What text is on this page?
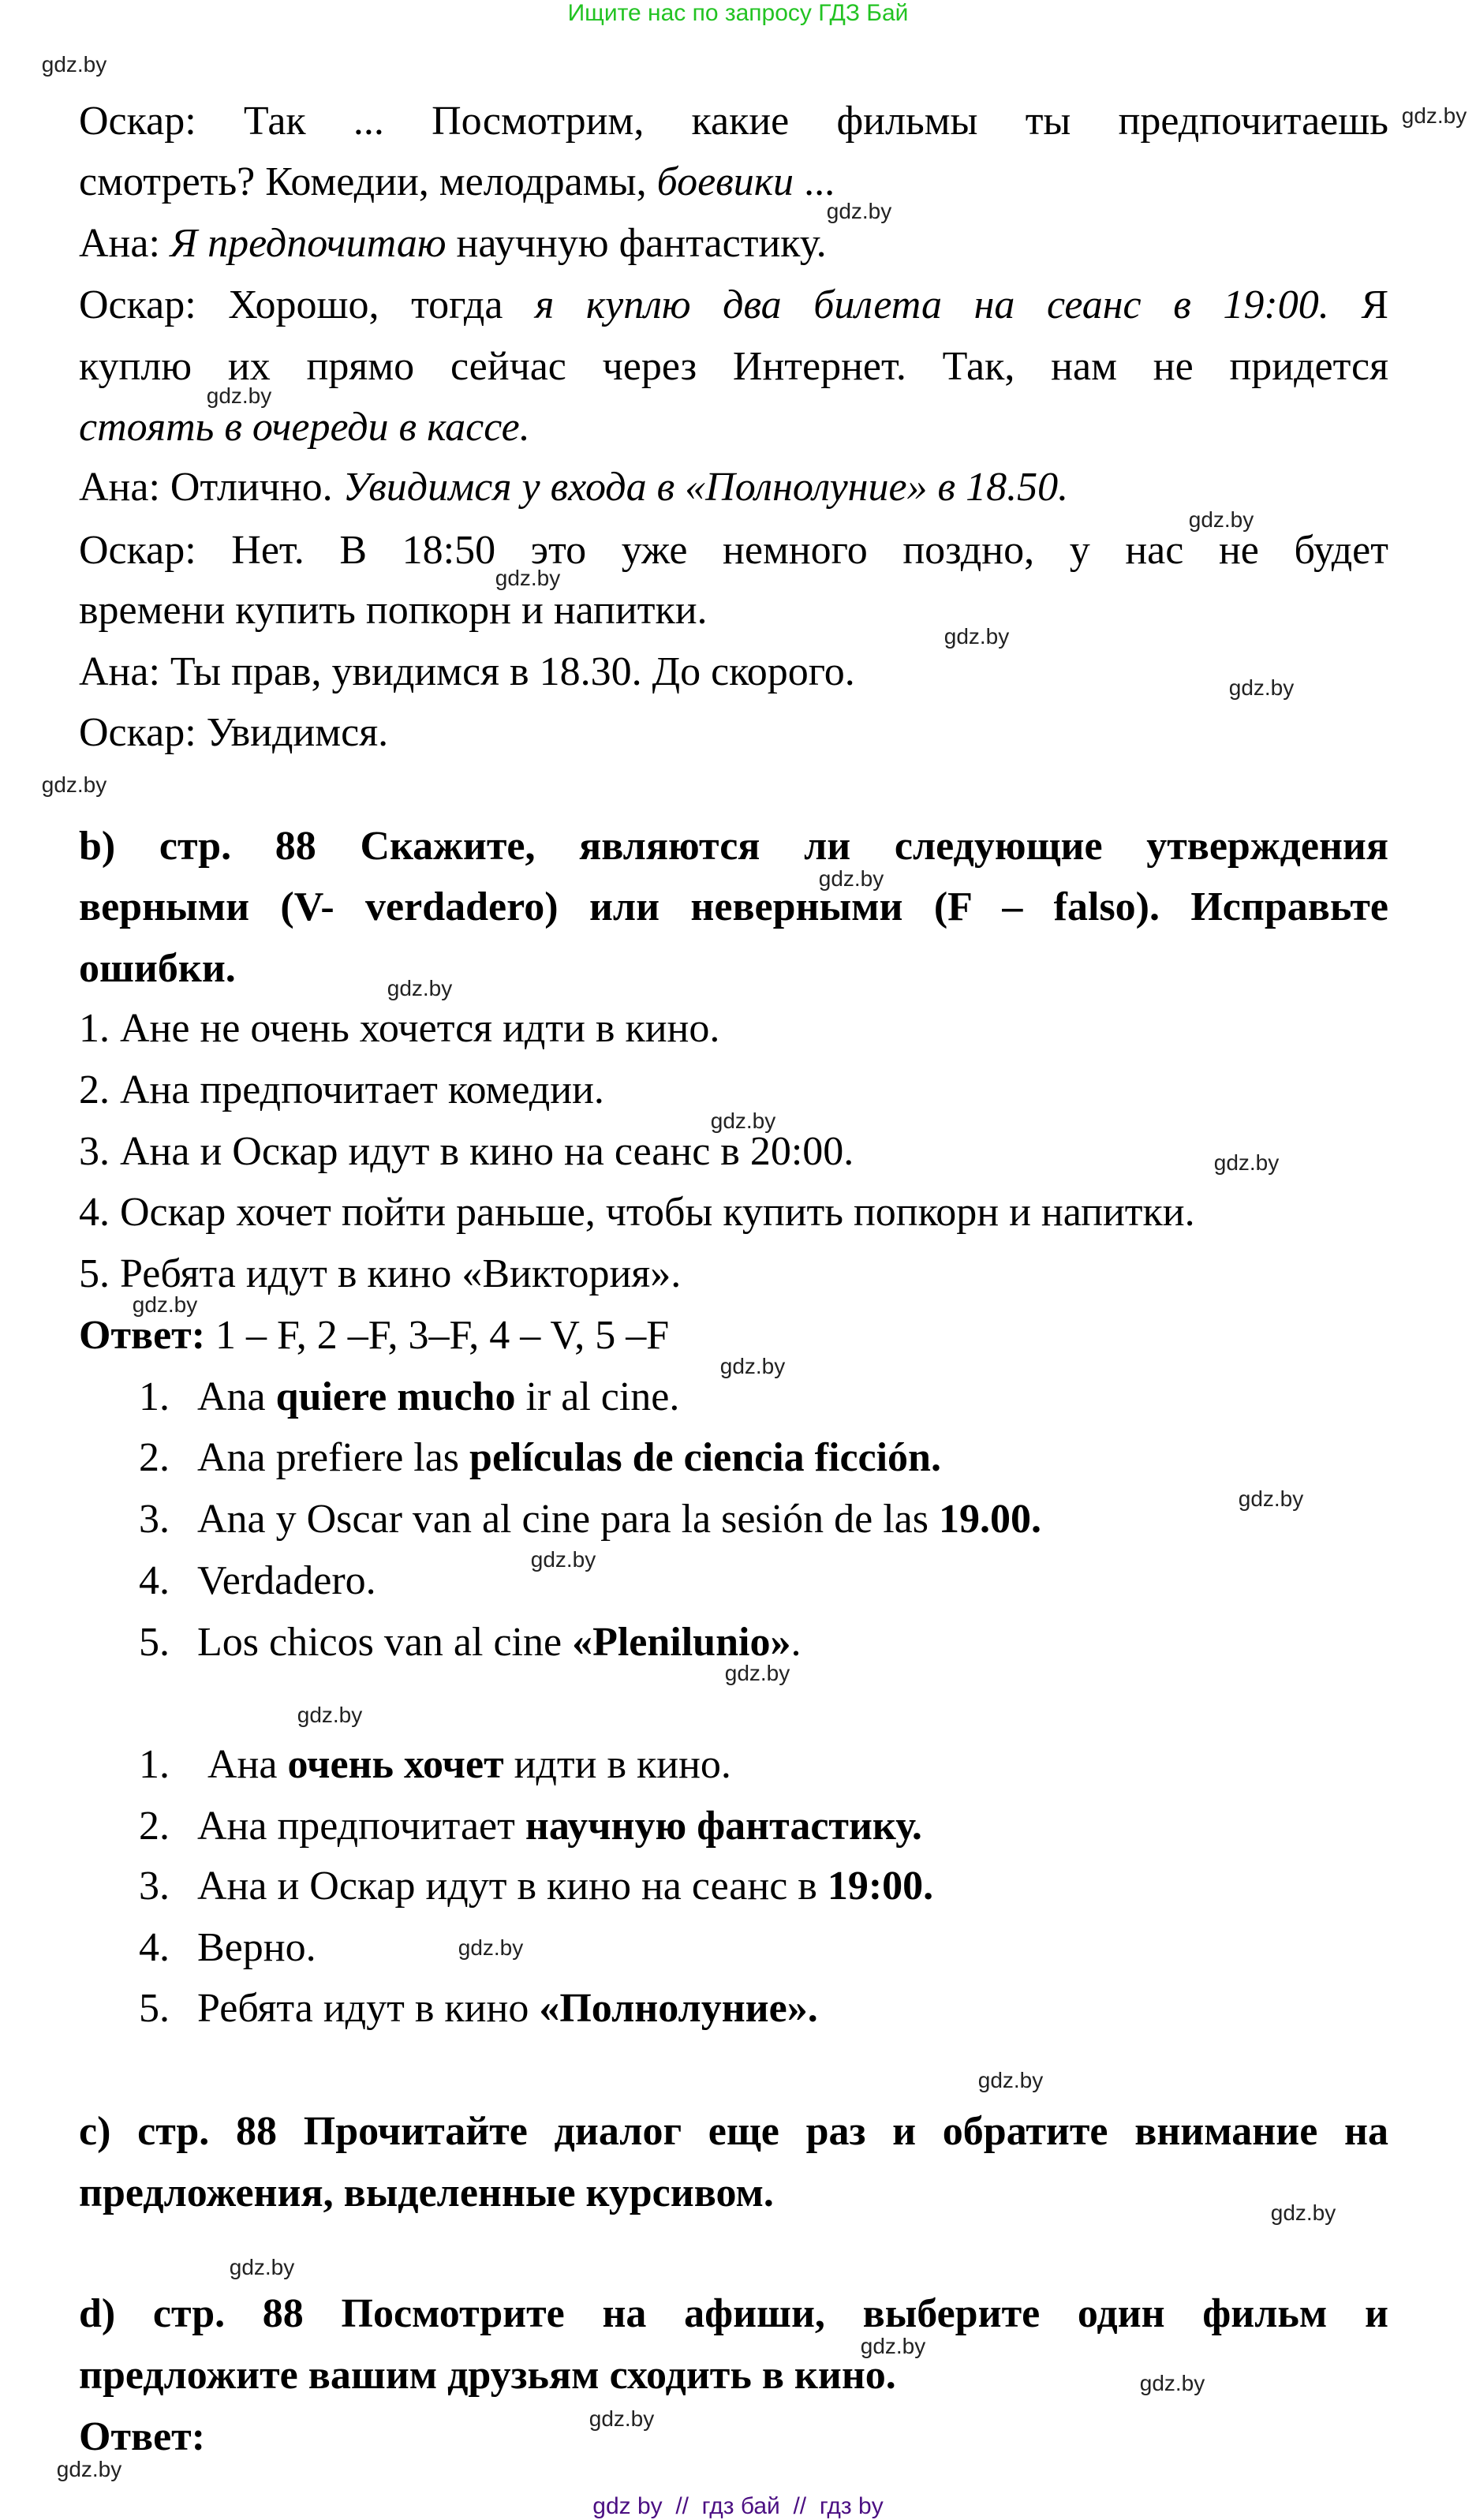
Ищите нас по запросу ГДЗ Бай
Оскар: Так ... Посмотрим, какие фильмы ты предпочитаешь
смотреть? Комедии, мелодрамы, боевики ...
Ана: Я предпочитаю научную фантастику.
Оскар: Хорошо, тогда я куплю два билета на сеанс в 19:00. Я
куплю их прямо сейчас через Интернет. Так, нам не придется
стоять в очереди в кассе.
Ана: Отлично. Увидимся у входа в «Полнолуние» в 18.50.
Оскар: Нет. В 18:50 это уже немного поздно, у нас не будет
времени купить попкорн и напитки.
Ана: Ты прав, увидимся в 18.30. До скорого.
Оскар: Увидимся.
b) стр. 88 Скажите, являются ли следующие утверждения
верными (V- verdadero) или неверными (F – falso). Исправьте
ошибки.
1. Ане не очень хочется идти в кино.
2. Ана предпочитает комедии.
3. Ана и Оскар идут в кино на сеанс в 20:00.
4. Оскар хочет пойти раньше, чтобы купить попкорн и напитки.
5. Ребята идут в кино «Виктория».
Ответ: 1 – F, 2 –F, 3–F, 4 – V, 5 –F
1. Ana quiere mucho ir al cine.
2. Ana prefiere las películas de ciencia ficción.
3. Ana y Oscar van al cine para la sesión de las 19.00.
4. Verdadero.
5. Los chicos van al cine «Plenilunio».
1. Ана очень хочет идти в кино.
2. Ана предпочитает научную фантастику.
3. Ана и Оскар идут в кино на сеанс в 19:00.
4. Верно.
5. Ребята идут в кино «Полнолуние».
c) стр. 88 Прочитайте диалог еще раз и обратите внимание на
предложения, выделенные курсивом.
d) стр. 88 Посмотрите на афиши, выберите один фильм и
предложите вашим друзьям сходить в кино.
Ответ:
gdz.by
gdz.by
gdz.by
gdz.by
gdz.by
gdz.by
gdz.by
gdz.by
gdz.by
gdz.by
gdz.by
gdz.by
gdz.by
gdz.by
gdz.by
gdz.by
gdz.by
gdz.by
gdz.by
gdz.by
gdz.by
gdz.by
gdz.by
gdz.by
gdz.by
gdz.by
gdz.by
gdz by  //  гдз бай  //  гдз by
